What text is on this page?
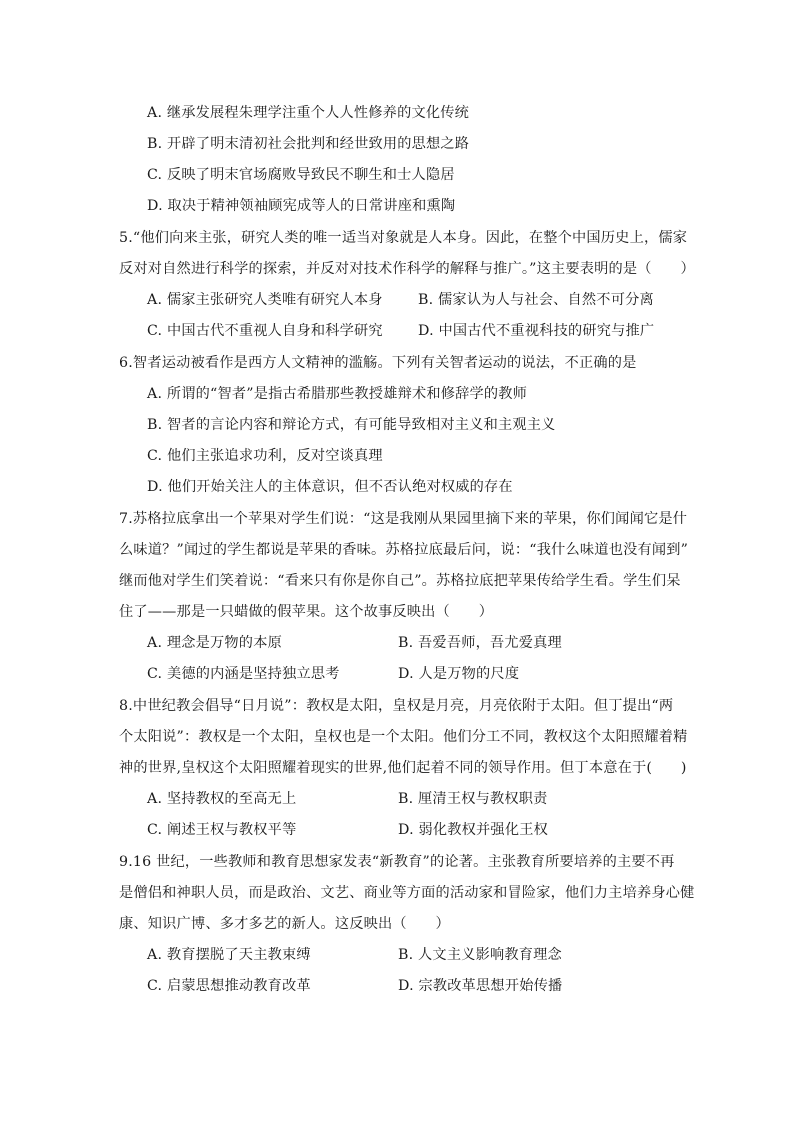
A. 继承发展程朱理学注重个人人性修养的文化传统
B. 开辟了明末清初社会批判和经世致用的思想之路
C. 反映了明末官场腐败导致民不聊生和士人隐居
D. 取决于精神领袖顾宪成等人的日常讲座和熏陶
5.“他们向来主张，研究人类的唯一适当对象就是人本身。因此，在整个中国历史上，儒家
反对对自然进行科学的探索，并反对对技术作科学的解释与推广。”这主要表明的是（　　）
A. 儒家主张研究人类唯有研究人本身 B. 儒家认为人与社会、自然不可分离
C. 中国古代不重视人自身和科学研究 D. 中国古代不重视科技的研究与推广
6.智者运动被看作是西方人文精神的滥觞。下列有关智者运动的说法，不正确的是
A. 所谓的“智者”是指古希腊那些教授雄辩术和修辞学的教师
B. 智者的言论内容和辩论方式，有可能导致相对主义和主观主义
C. 他们主张追求功利，反对空谈真理
D. 他们开始关注人的主体意识，但不否认绝对权威的存在
7.苏格拉底拿出一个苹果对学生们说：“这是我刚从果园里摘下来的苹果，你们闻闻它是什
么味道？”闻过的学生都说是苹果的香味。苏格拉底最后问，说：“我什么味道也没有闻到”
继而他对学生们笑着说：“看来只有你是你自己”。苏格拉底把苹果传给学生看。学生们呆
住了——那是一只蜡做的假苹果。这个故事反映出（　　）
A. 理念是万物的本原	B. 吾爱吾师，吾尤爱真理
C. 美德的内涵是坚持独立思考	D. 人是万物的尺度
8.中世纪教会倡导“日月说”：教权是太阳，皇权是月亮，月亮依附于太阳。但丁提出“两
个太阳说”：教权是一个太阳，皇权也是一个太阳。他们分工不同，教权这个太阳照耀着精
神的世界,皇权这个太阳照耀着现实的世界,他们起着不同的领导作用。但丁本意在于(　　)
A. 坚持教权的至高无上	B. 厘清王权与教权职责
C. 阐述王权与教权平等	D. 弱化教权并强化王权
9.16 世纪，一些教师和教育思想家发表“新教育”的论著。主张教育所要培养的主要不再
是僧侣和神职人员，而是政治、文艺、商业等方面的活动家和冒险家，他们力主培养身心健
康、知识广博、多才多艺的新人。这反映出（　　）
A. 教育摆脱了天主教束缚	B. 人文主义影响教育理念
C. 启蒙思想推动教育改革	D. 宗教改革思想开始传播
